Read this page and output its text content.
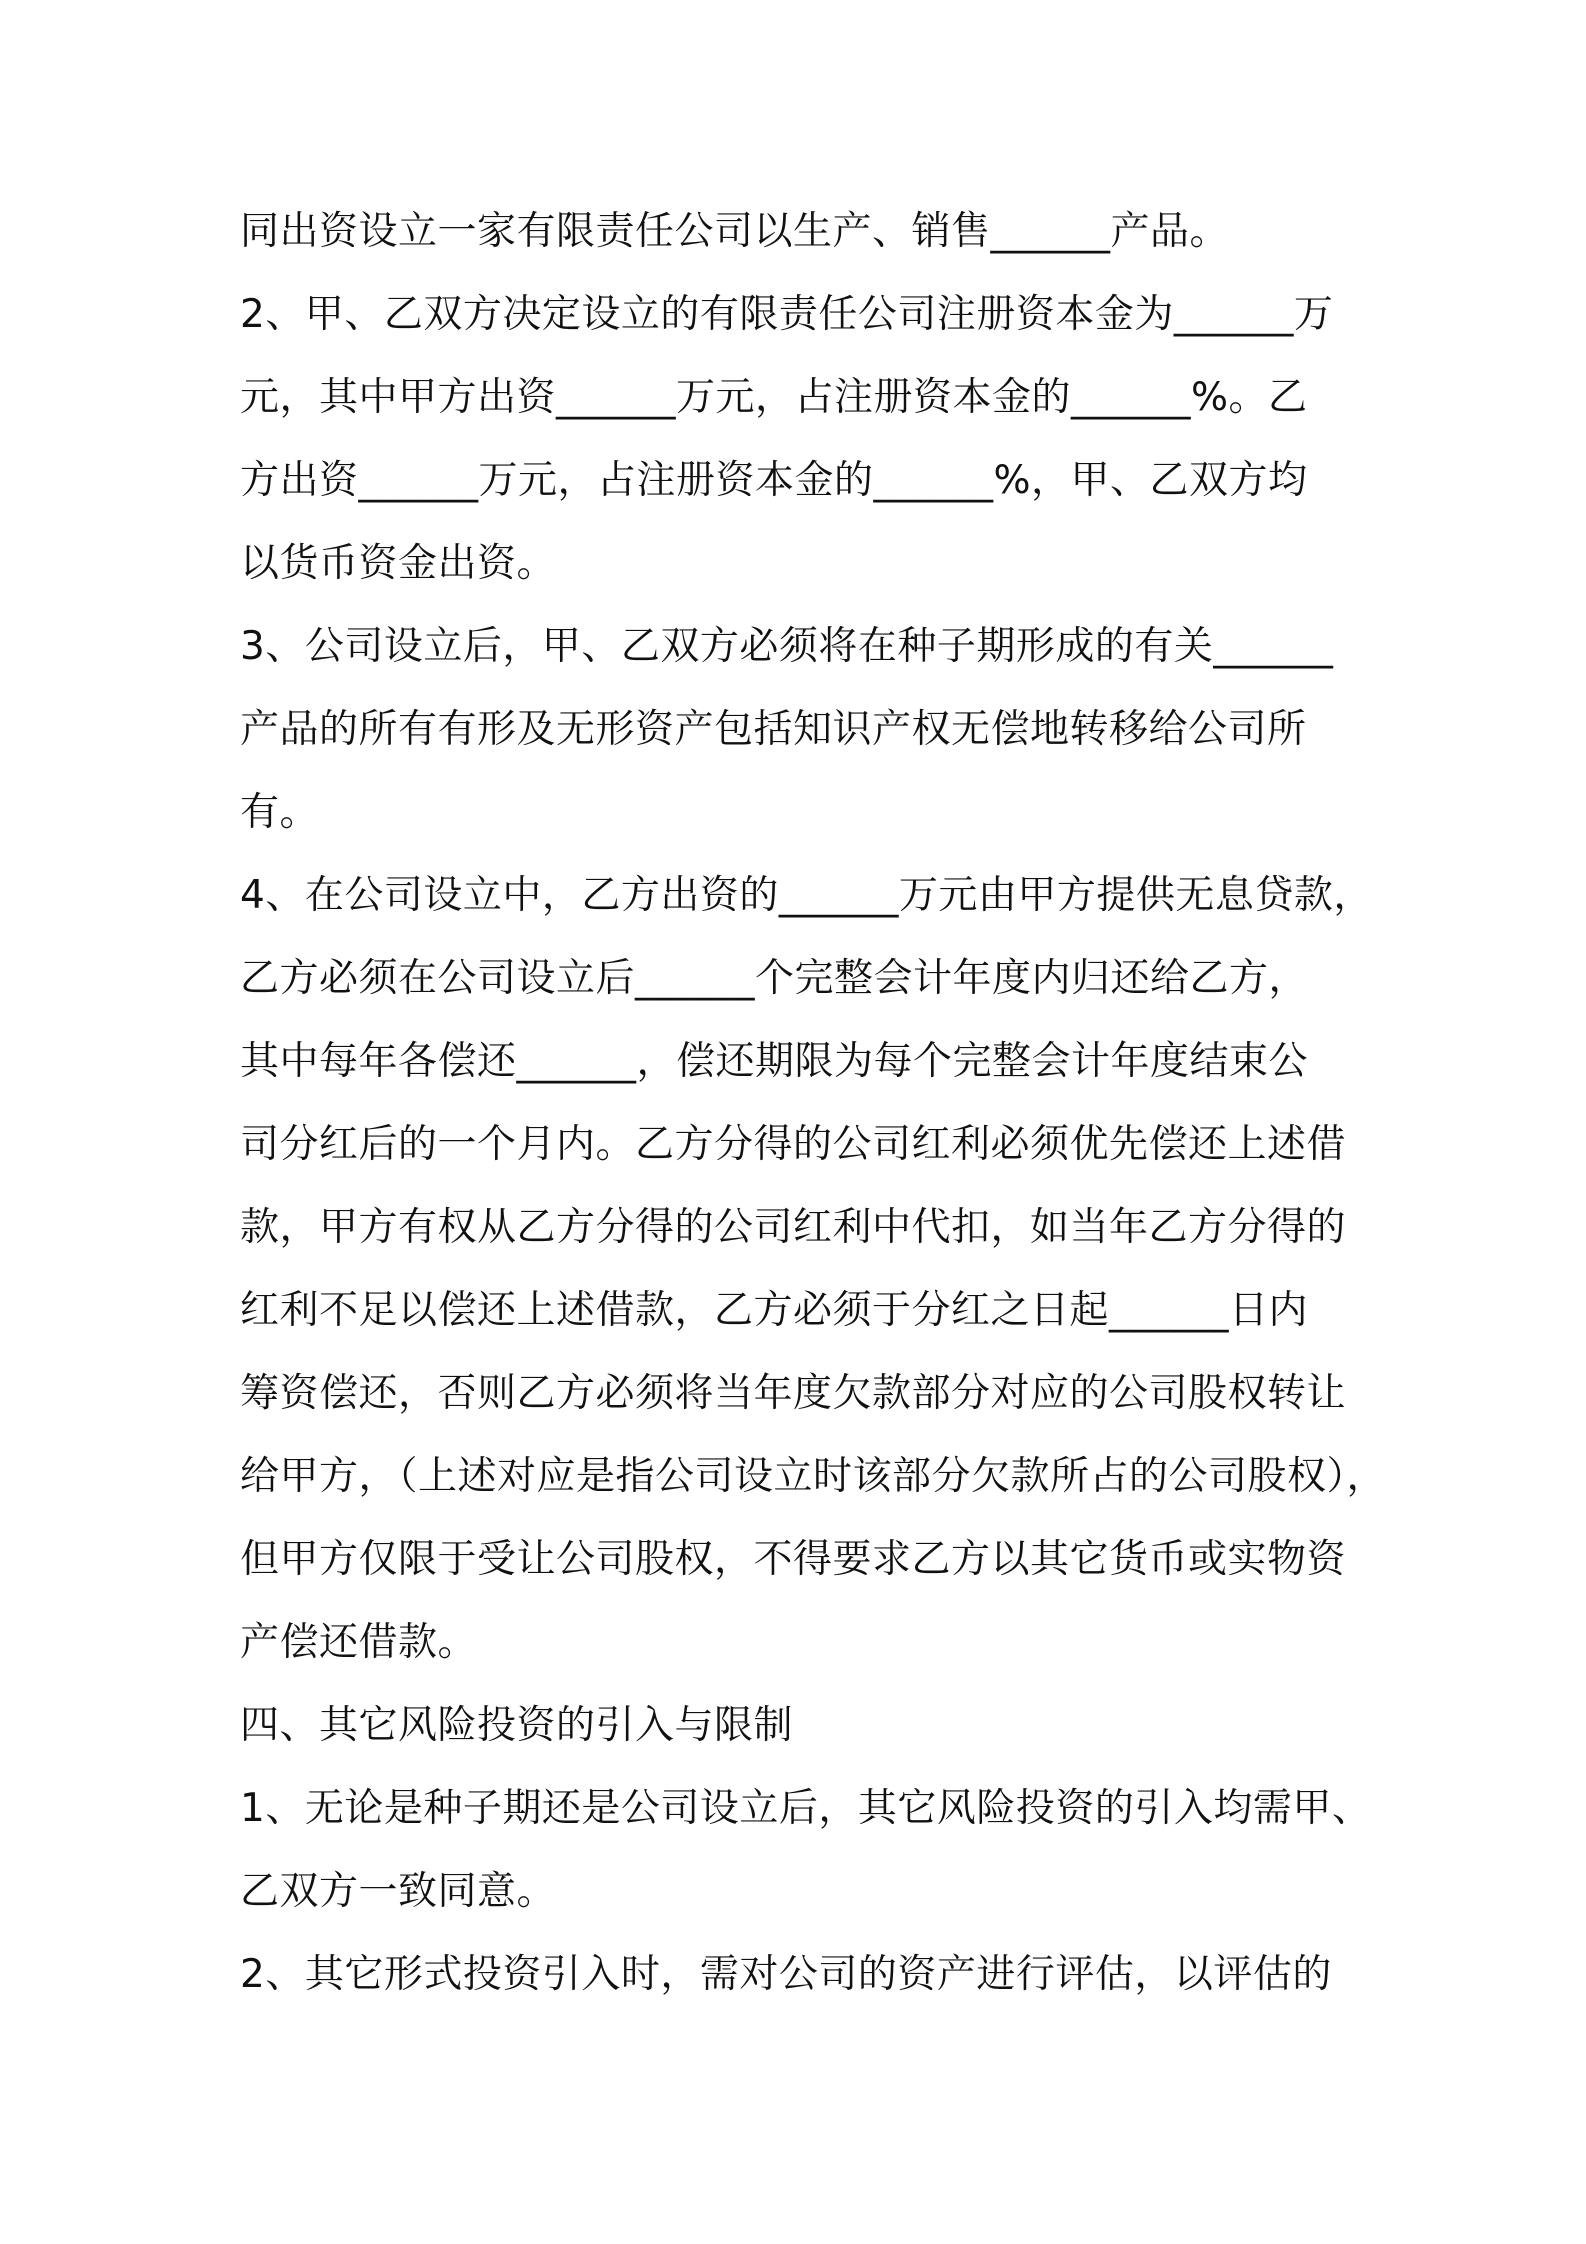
同出资设立一家有限责任公司以生产、销售______产品。
2、甲、乙双方决定设立的有限责任公司注册资本金为______万
元，其中甲方出资______万元，占注册资本金的______%。乙
方出资______万元，占注册资本金的______%，甲、乙双方均
以货币资金出资。
3、公司设立后，甲、乙双方必须将在种子期形成的有关______
产品的所有有形及无形资产包括知识产权无偿地转移给公司所
有。
4、在公司设立中，乙方出资的______万元由甲方提供无息贷款，
乙方必须在公司设立后______个完整会计年度内归还给乙方，
其中每年各偿还______，偿还期限为每个完整会计年度结束公
司分红后的一个月内。乙方分得的公司红利必须优先偿还上述借
款，甲方有权从乙方分得的公司红利中代扣，如当年乙方分得的
红利不足以偿还上述借款，乙方必须于分红之日起______日内
筹资偿还，否则乙方必须将当年度欠款部分对应的公司股权转让
给甲方，（上述对应是指公司设立时该部分欠款所占的公司股权），
但甲方仅限于受让公司股权，不得要求乙方以其它货币或实物资
产偿还借款。
四、其它风险投资的引入与限制
1、无论是种子期还是公司设立后，其它风险投资的引入均需甲、
乙双方一致同意。
2、其它形式投资引入时，需对公司的资产进行评估，以评估的
